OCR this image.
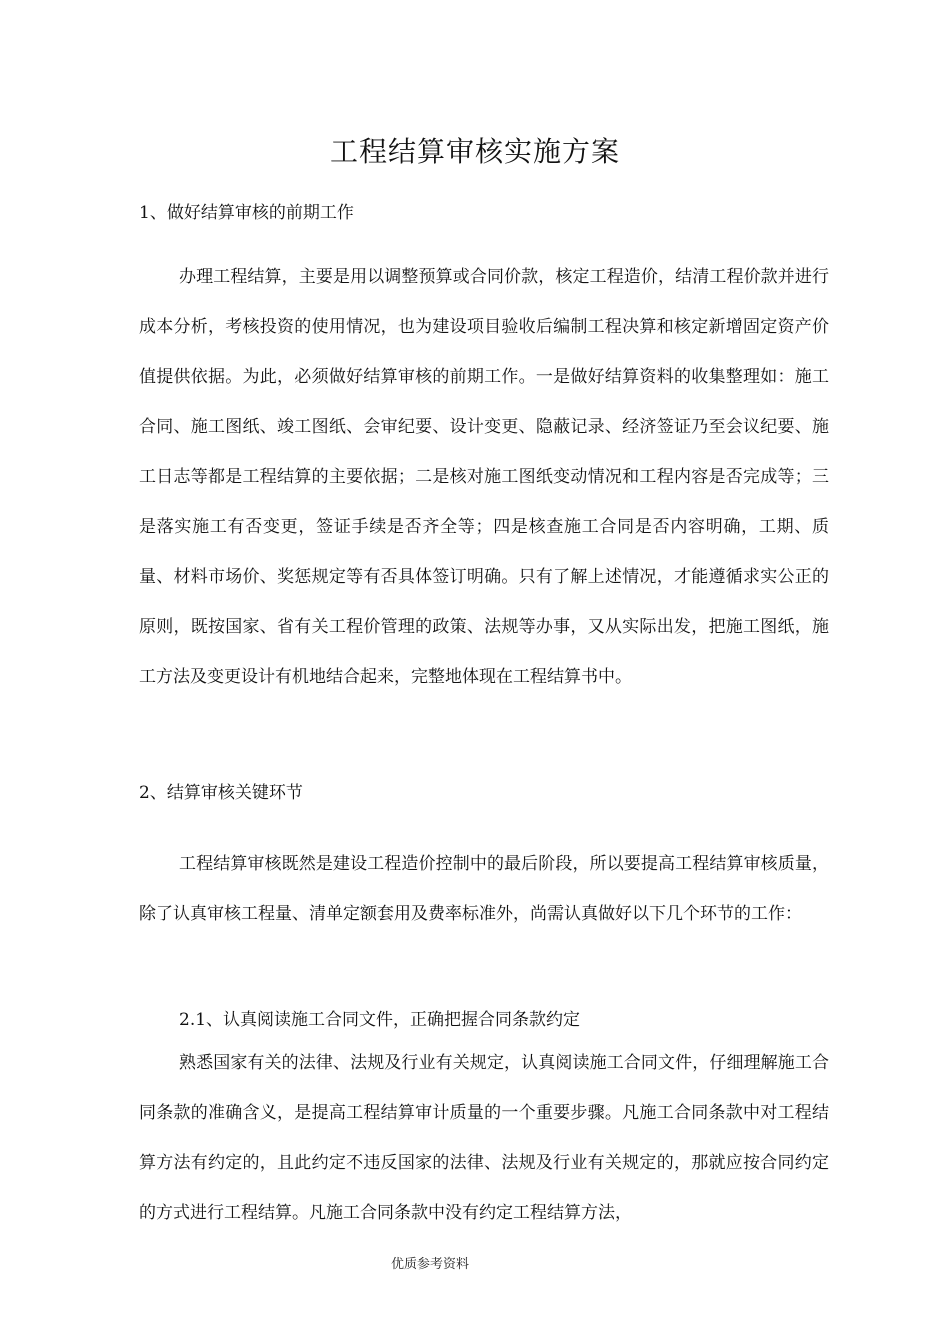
工程结算审核实施方案
1、做好结算审核的前期工作

办理工程结算，主要是用以调整预算或合同价款，核定工程造价，结清工程价款并进行成本分析，考核投资的使用情况，也为建设项目验收后编制工程决算和核定新增固定资产价值提供依据。为此，必须做好结算审核的前期工作。一是做好结算资料的收集整理如：施工合同、施工图纸、竣工图纸、会审纪要、设计变更、隐蔽记录、经济签证乃至会议纪要、施工日志等都是工程结算的主要依据；二是核对施工图纸变动情况和工程内容是否完成等；三是落实施工有否变更，签证手续是否齐全等；四是核查施工合同是否内容明确，工期、质量、材料市场价、奖惩规定等有否具体签订明确。只有了解上述情况，才能遵循求实公正的原则，既按国家、省有关工程价管理的政策、法规等办事，又从实际出发，把施工图纸，施工方法及变更设计有机地结合起来，完整地体现在工程结算书中。

2、结算审核关键环节

工程结算审核既然是建设工程造价控制中的最后阶段，所以要提高工程结算审核质量，除了认真审核工程量、清单定额套用及费率标准外，尚需认真做好以下几个环节的工作：

2.1、认真阅读施工合同文件，正确把握合同条款约定

熟悉国家有关的法律、法规及行业有关规定，认真阅读施工合同文件，仔细理解施工合同条款的准确含义，是提高工程结算审计质量的一个重要步骤。凡施工合同条款中对工程结算方法有约定的，且此约定不违反国家的法律、法规及行业有关规定的，那就应按合同约定的方式进行工程结算。凡施工合同条款中没有约定工程结算方法，

优质参考资料
